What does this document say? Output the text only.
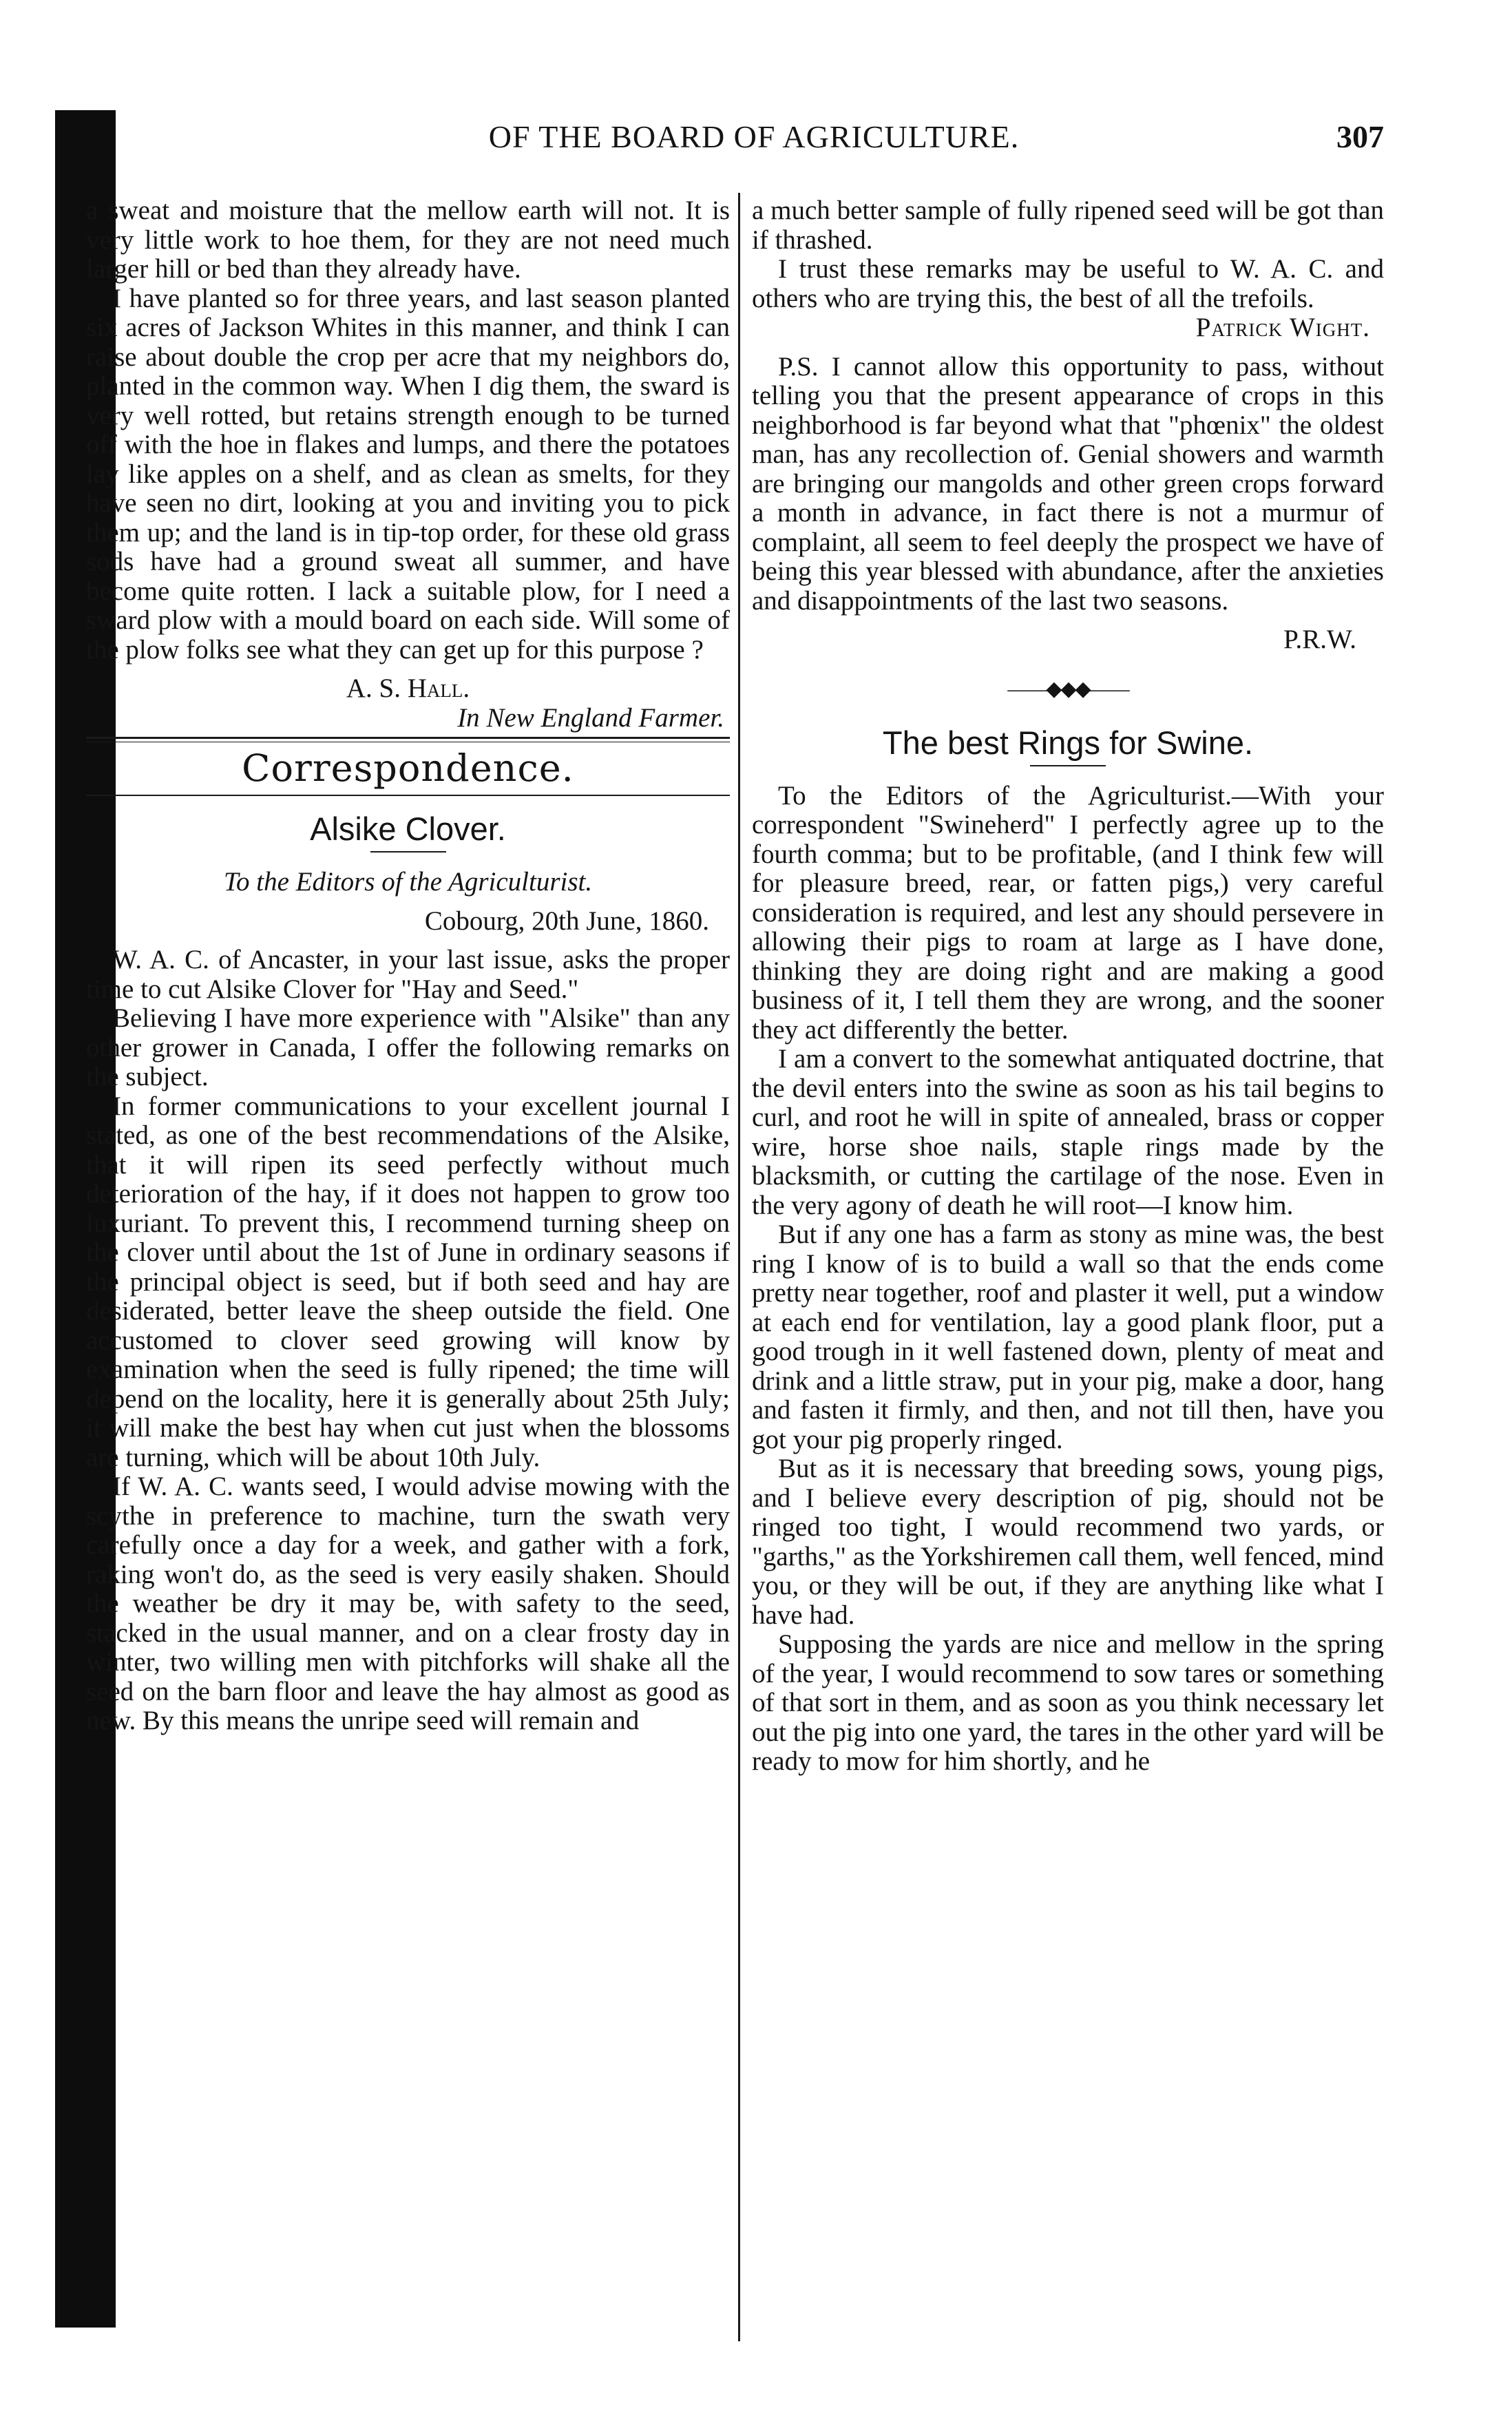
OF THE BOARD OF AGRICULTURE.	307

a sweat and moisture that the mellow earth will not. It is very little work to hoe them, for they are not need much larger hill or bed than they already have.

I have planted so for three years, and last season planted six acres of Jackson Whites in this manner, and think I can raise about double the crop per acre that my neighbors do, planted in the common way. When I dig them, the sward is very well rotted, but retains strength enough to be turned off with the hoe in flakes and lumps, and there the potatoes lay like apples on a shelf, and as clean as smelts, for they have seen no dirt, looking at you and inviting you to pick them up; and the land is in tip-top order, for these old grass sods have had a ground sweat all summer, and have become quite rotten. I lack a suitable plow, for I need a sward plow with a mould board on each side. Will some of the plow folks see what they can get up for this purpose ?

A. S. Hall.

In New England Farmer.

Correspondence.

Alsike Clover.

To the Editors of the Agriculturist.

Cobourg, 20th June, 1860.

W. A. C. of Ancaster, in your last issue, asks the proper time to cut Alsike Clover for "Hay and Seed."

Believing I have more experience with "Alsike" than any other grower in Canada, I offer the following remarks on the subject.

In former communications to your excellent journal I stated, as one of the best recommendations of the Alsike, that it will ripen its seed perfectly without much deterioration of the hay, if it does not happen to grow too luxuriant. To prevent this, I recommend turning sheep on the clover until about the 1st of June in ordinary seasons if the principal object is seed, but if both seed and hay are desiderated, better leave the sheep outside the field. One accustomed to clover seed growing will know by examination when the seed is fully ripened; the time will depend on the locality, here it is generally about 25th July; it will make the best hay when cut just when the blossoms are turning, which will be about 10th July.

If W. A. C. wants seed, I would advise mowing with the scythe in preference to machine, turn the swath very carefully once a day for a week, and gather with a fork, raking won't do, as the seed is very easily shaken. Should the weather be dry it may be, with safety to the seed, stacked in the usual manner, and on a clear frosty day in winter, two willing men with pitchforks will shake all the seed on the barn floor and leave the hay almost as good as new. By this means the unripe seed will remain and

a much better sample of fully ripened seed will be got than if thrashed.

I trust these remarks may be useful to W. A. C. and others who are trying this, the best of all the trefoils.

Patrick Wight.

P.S. I cannot allow this opportunity to pass, without telling you that the present appearance of crops in this neighborhood is far beyond what that "phœnix" the oldest man, has any recollection of. Genial showers and warmth are bringing our mangolds and other green crops forward a month in advance, in fact there is not a murmur of complaint, all seem to feel deeply the prospect we have of being this year blessed with abundance, after the anxieties and disappointments of the last two seasons.

P.R.W.

――◆◆◆――

The best Rings for Swine.

To the Editors of the Agriculturist.—With your correspondent "Swineherd" I perfectly agree up to the fourth comma; but to be profitable, (and I think few will for pleasure breed, rear, or fatten pigs,) very careful consideration is required, and lest any should persevere in allowing their pigs to roam at large as I have done, thinking they are doing right and are making a good business of it, I tell them they are wrong, and the sooner they act differently the better.

I am a convert to the somewhat antiquated doctrine, that the devil enters into the swine as soon as his tail begins to curl, and root he will in spite of annealed, brass or copper wire, horse shoe nails, staple rings made by the blacksmith, or cutting the cartilage of the nose. Even in the very agony of death he will root—I know him.

But if any one has a farm as stony as mine was, the best ring I know of is to build a wall so that the ends come pretty near together, roof and plaster it well, put a window at each end for ventilation, lay a good plank floor, put a good trough in it well fastened down, plenty of meat and drink and a little straw, put in your pig, make a door, hang and fasten it firmly, and then, and not till then, have you got your pig properly ringed.

But as it is necessary that breeding sows, young pigs, and I believe every description of pig, should not be ringed too tight, I would recommend two yards, or "garths," as the Yorkshiremen call them, well fenced, mind you, or they will be out, if they are anything like what I have had.

Supposing the yards are nice and mellow in the spring of the year, I would recommend to sow tares or something of that sort in them, and as soon as you think necessary let out the pig into one yard, the tares in the other yard will be ready to mow for him shortly, and he
